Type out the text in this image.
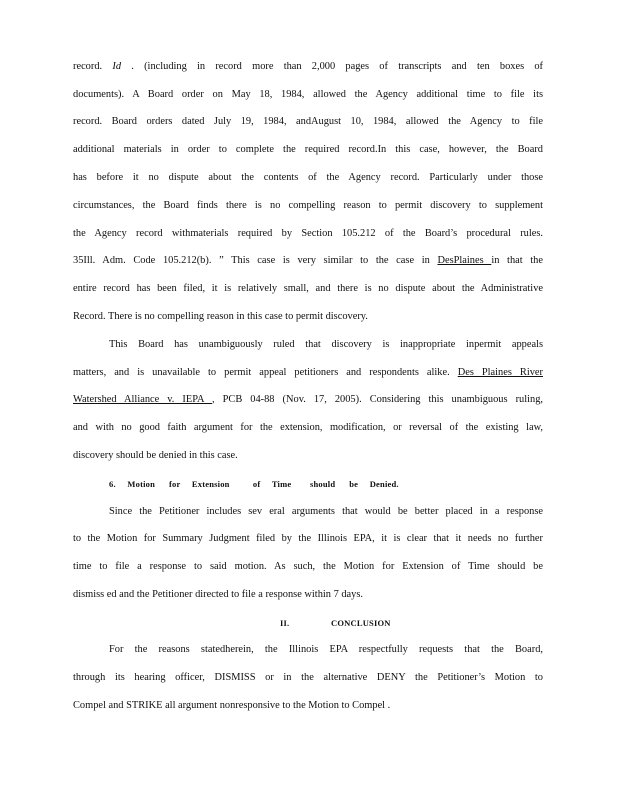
record. Id . (including in record more than 2,000 pages of transcripts and ten boxes of
documents). A Board order on May 18, 1984, allowed the Agency additional time to file its
record. Board orders dated July 19, 1984, andAugust 10, 1984, allowed the Agency to file
additional materials in order to complete the required record.In this case, however, the Board
has before it no dispute about the contents of the Agency record. Particularly under those
circumstances, the Board finds there is no compelling reason to permit discovery to supplement
the Agency record withmaterials required by Section 105.212 of the Board’s procedural rules.
35Ill. Adm. Code 105.212(b). ” This case is very similar to the case in DesPlaines in that the
entire record has been filed, it is relatively small, and there is no dispute about the Administrative
Record. There is no compelling reason in this case to permit discovery.
This Board has unambiguously ruled that discovery is inappropriate inpermit appeals
matters, and is unavailable to permit appeal petitioners and respondents alike. Des Plaines River
Watershed Alliance v. IEPA , PCB 04-88 (Nov. 17, 2005). Considering this unambiguous ruling,
and with no good faith argument for the extension, modification, or reversal of the existing law,
discovery should be denied in this case.
6.     Motion      for     Extension          of     Time        should      be     Denied.
Since the Petitioner includes sev eral arguments that would be better placed in a response
to the Motion for Summary Judgment filed by the Illinois EPA, it is clear that it needs no further
time to file a response to said motion. As such, the Motion for Extension of Time should be
dismiss ed and the Petitioner directed to file a response within 7 days.
II.	CONCLUSION
For the reasons statedherein, the Illinois EPA respectfully requests that the Board,
through its hearing officer, DISMISS or in the alternative DENY the Petitioner’s Motion to
Compel and STRIKE all argument nonresponsive to the Motion to Compel .
